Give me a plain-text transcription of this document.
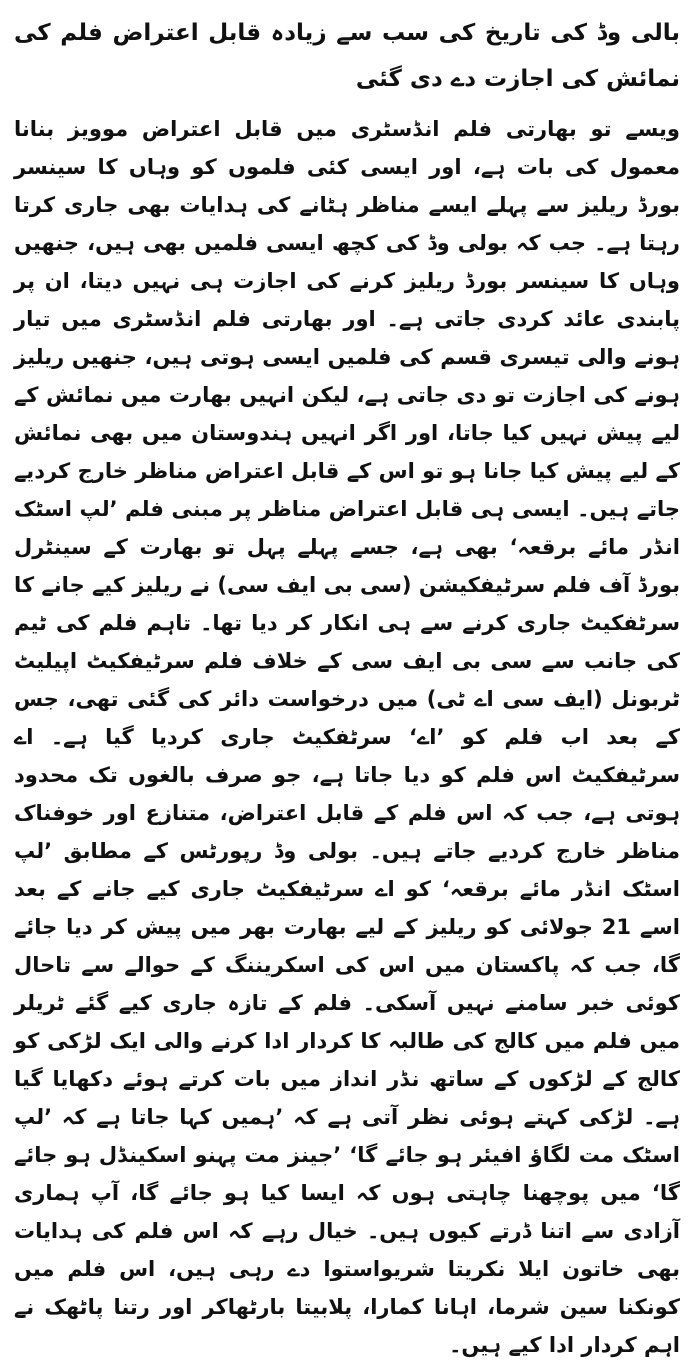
بالی وڈ کی تاریخ کی سب سے زیادہ قابل اعتراض فلم کی نمائش کی اجازت دے دی گئی

ویسے تو بھارتی فلم انڈسٹری میں قابل اعتراض موویز بنانا معمول کی بات ہے، اور ایسی کئی فلموں کو وہاں کا سینسر بورڈ ریلیز سے پہلے ایسے مناظر ہٹانے کی ہدایات بھی جاری کرتا رہتا ہے۔ جب کہ بولی وڈ کی کچھ ایسی فلمیں بھی ہیں، جنھیں وہاں کا سینسر بورڈ ریلیز کرنے کی اجازت ہی نہیں دیتا، ان پر پابندی عائد کردی جاتی ہے۔ اور بھارتی فلم انڈسٹری میں تیار ہونے والی تیسری قسم کی فلمیں ایسی ہوتی ہیں، جنھیں ریلیز ہونے کی اجازت تو دی جاتی ہے، لیکن انہیں بھارت میں نمائش کے لیے پیش نہیں کیا جاتا، اور اگر انہیں ہندوستان میں بھی نمائش کے لیے پیش کیا جانا ہو تو اس کے قابل اعتراض مناظر خارج کردیے جاتے ہیں۔ ایسی ہی قابل اعتراض مناظر پر مبنی فلم ’لپ اسٹک انڈر مائے برقعہ‘ بھی ہے، جسے پہلے پہل تو بھارت کے سینٹرل بورڈ آف فلم سرٹیفکیشن (سی بی ایف سی) نے ریلیز کیے جانے کا سرٹفکیٹ جاری کرنے سے ہی انکار کر دیا تھا۔ تاہم فلم کی ٹیم کی جانب سے سی بی ایف سی کے خلاف فلم سرٹیفکیٹ اپیلیٹ ٹربونل (ایف سی اے ٹی) میں درخواست دائر کی گئی تھی، جس کے بعد اب فلم کو ’اے‘ سرٹفکیٹ جاری کردیا گیا ہے۔ اے سرٹیفکیٹ اس فلم کو دیا جاتا ہے، جو صرف بالغوں تک محدود ہوتی ہے، جب کہ اس فلم کے قابل اعتراض، متنازع اور خوفناک مناظر خارج کردیے جاتے ہیں۔ بولی وڈ رپورٹس کے مطابق ’لپ اسٹک انڈر مائے برقعہ‘ کو اے سرٹیفکیٹ جاری کیے جانے کے بعد اسے 21 جولائی کو ریلیز کے لیے بھارت بھر میں پیش کر دیا جائے گا، جب کہ پاکستان میں اس کی اسکریننگ کے حوالے سے تاحال کوئی خبر سامنے نہیں آسکی۔ فلم کے تازہ جاری کیے گئے ٹریلر میں فلم میں کالج کی طالبہ کا کردار ادا کرنے والی ایک لڑکی کو کالج کے لڑکوں کے ساتھ نڈر انداز میں بات کرتے ہوئے دکھایا گیا ہے۔ لڑکی کہتے ہوئی نظر آتی ہے کہ ’ہمیں کہا جاتا ہے کہ ’لپ اسٹک مت لگاؤ افیئر ہو جائے گا‘ ’جینز مت پہنو اسکینڈل ہو جائے گا‘ میں پوچھنا چاہتی ہوں کہ ایسا کیا ہو جائے گا، آپ ہماری آزادی سے اتنا ڈرتے کیوں ہیں۔ خیال رہے کہ اس فلم کی ہدایات بھی خاتون ایلا نکریتا شریواستوا دے رہی ہیں، اس فلم میں کونکنا سین شرما، اہانا کمارا، پلابیتا بارٹھاکر اور رتنا پاٹھک نے اہم کردار ادا کیے ہیں۔
